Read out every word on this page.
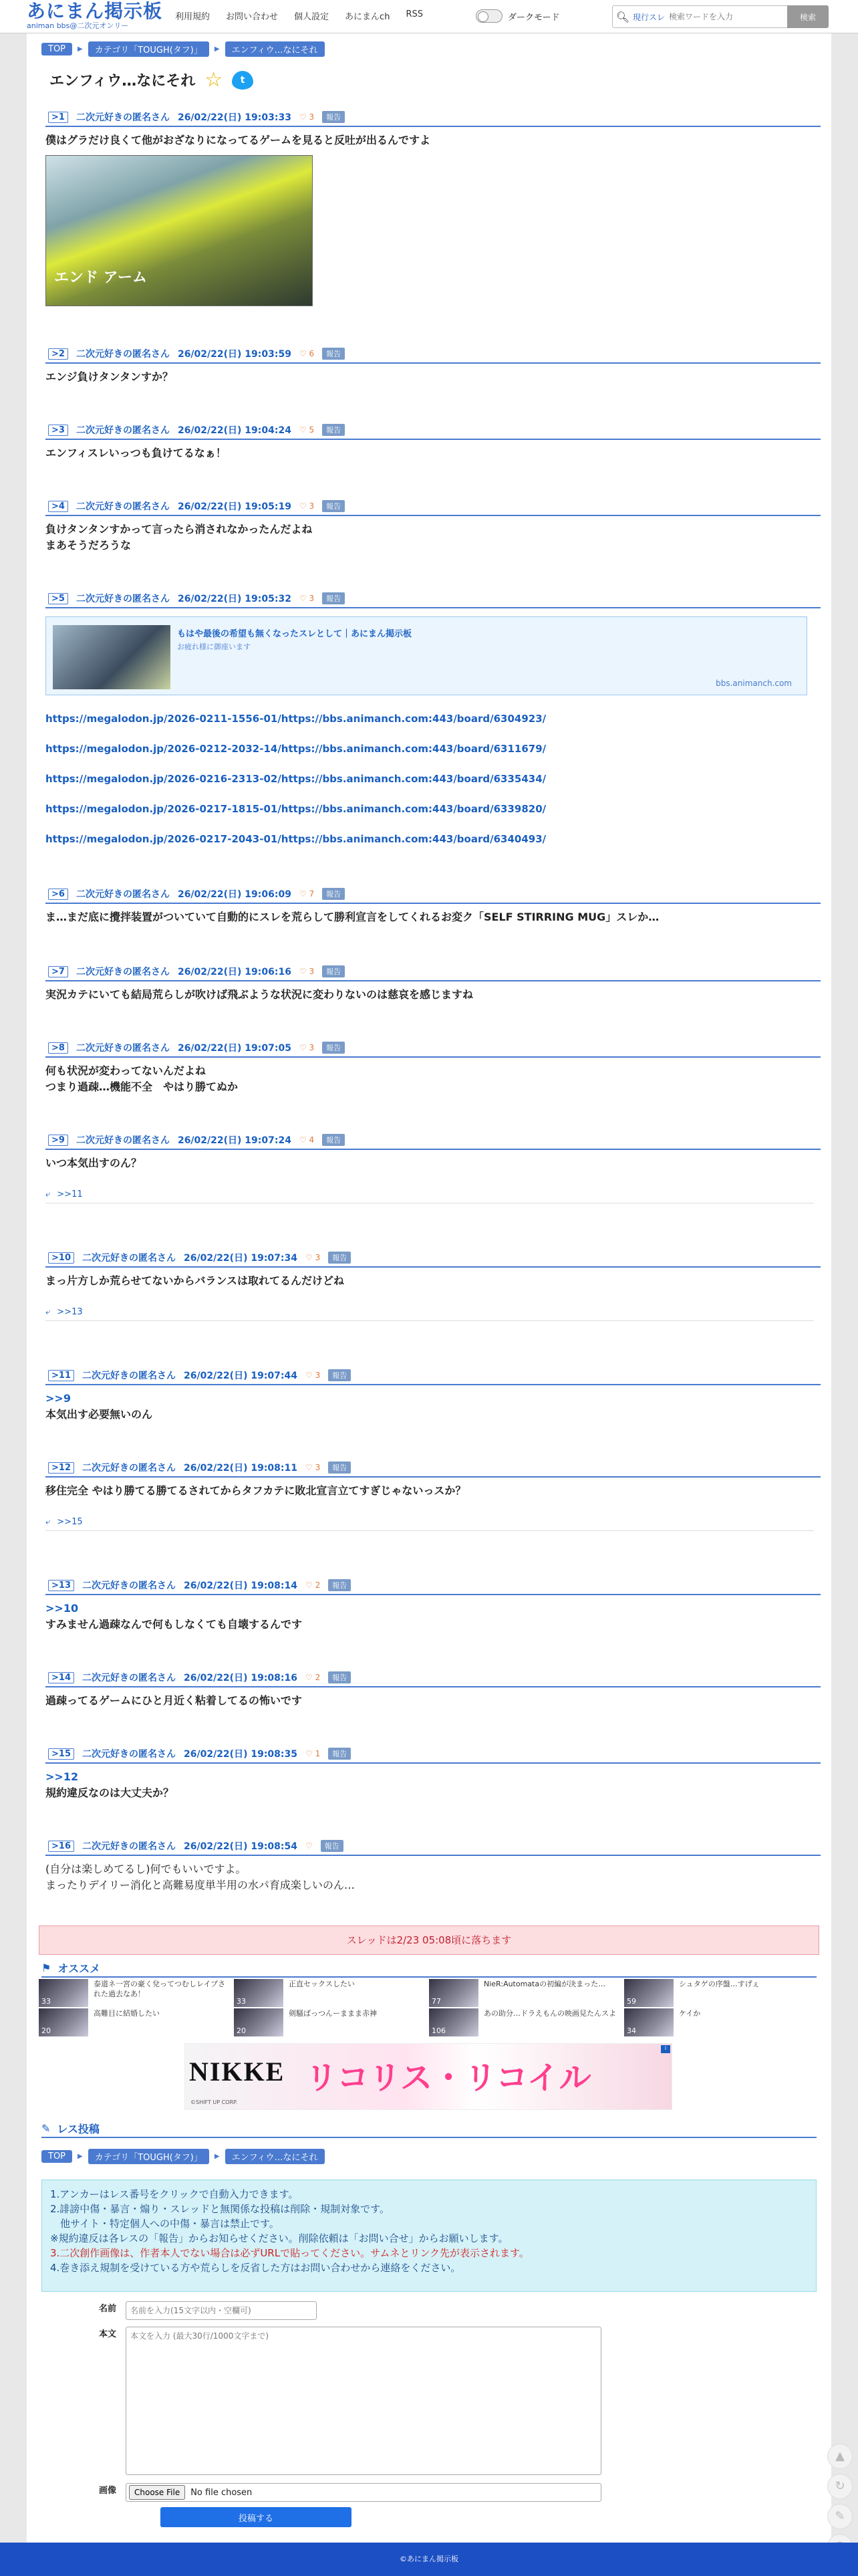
あにまん掲示板
animan bbs@二次元オンリー
利用規約 お問い合わせ 個人設定 あにまんch RSS	ダークモード	🔍︎ 現行スレ
検索ワードを入力	検索
TOP	▶	カテゴリ「TOUGH(タフ)」	▶	エンフィウ…なにそれ
エンフィウ…なにそれ ☆	t
>1	二次元好きの匿名さん 26/02/22(日) 19:03:33 ♡ 3	報告
僕はグラだけ良くて他がおざなりになってるゲームを見ると反吐が出るんですよ
エンド アーム
>2	二次元好きの匿名さん 26/02/22(日) 19:03:59 ♡ 6	報告
エンジ負けタンタンすか？
>3	二次元好きの匿名さん 26/02/22(日) 19:04:24 ♡ 5	報告
エンフィスレいっつも負けてるなぁ！
>4	二次元好きの匿名さん 26/02/22(日) 19:05:19 ♡ 3	報告
負けタンタンすかって言ったら消されなかったんだよね
まあそうだろうな
>5	二次元好きの匿名さん 26/02/22(日) 19:05:32 ♡ 3	報告
もはや最後の希望も無くなったスレとして｜あにまん掲示板
お疲れ様に御座います
bbs.animanch.com
https://megalodon.jp/2026-0211-1556-01/https://bbs.animanch.com:443/board/6304923/
https://megalodon.jp/2026-0212-2032-14/https://bbs.animanch.com:443/board/6311679/
https://megalodon.jp/2026-0216-2313-02/https://bbs.animanch.com:443/board/6335434/
https://megalodon.jp/2026-0217-1815-01/https://bbs.animanch.com:443/board/6339820/
https://megalodon.jp/2026-0217-2043-01/https://bbs.animanch.com:443/board/6340493/
>6	二次元好きの匿名さん 26/02/22(日) 19:06:09 ♡ 7	報告
ま…まだ底に攪拌装置がついていて自動的にスレを荒らして勝利宣言をしてくれるお変ク「SELF STIRRING MUG」スレか…
>7	二次元好きの匿名さん 26/02/22(日) 19:06:16 ♡ 3	報告
実況カテにいても結局荒らしが吹けば飛ぶような状況に変わりないのは慈哀を感じますね
>8	二次元好きの匿名さん 26/02/22(日) 19:07:05 ♡ 3	報告
何も状況が変わってないんだよね
つまり過疎…機能不全　やはり勝てぬか
>9	二次元好きの匿名さん 26/02/22(日) 19:07:24 ♡ 4	報告
いつ本気出すのん？
⤶ >>11
>10	二次元好きの匿名さん 26/02/22(日) 19:07:34 ♡ 3	報告
まっ片方しか荒らせてないからバランスは取れてるんだけどね
⤶ >>13
>11	二次元好きの匿名さん 26/02/22(日) 19:07:44 ♡ 3	報告
>>9
本気出す必要無いのん
>12	二次元好きの匿名さん 26/02/22(日) 19:08:11 ♡ 3	報告
移住完全 やはり勝てる勝てるされてからタフカテに敗北宣言立てすぎじゃないっスか？
⤶ >>15
>13	二次元好きの匿名さん 26/02/22(日) 19:08:14 ♡ 2	報告
>>10
すみません過疎なんで何もしなくても自壊するんです
>14	二次元好きの匿名さん 26/02/22(日) 19:08:16 ♡ 2	報告
過疎ってるゲームにひと月近く粘着してるの怖いです
>15	二次元好きの匿名さん 26/02/22(日) 19:08:35 ♡ 1	報告
>>12
規約違反なのは大丈夫か？
>16	二次元好きの匿名さん 26/02/22(日) 19:08:54 ♡	報告
(自分は楽しめてるし)何でもいいですよ。
まったりデイリー消化と高難易度単半用の水パ育成楽しいのん…
スレッドは2/23 05:08頃に落ちます
⚑ オススメ
33
泰道ネ一宮の豪く兌ってつむしレイプされた過去なあ！
33
正直セックスしたい
77
NieR:Automataの初編が決まった…
59
シュタゲの序盤…すげぇ
20
高難目に結婚したい
20
剣騒ばっつんーままま赤神
106
あの助分…ドラえもんの映画見たんスよ
34
ケイか
NIKKE リコリス・リコイル
©SHIFT UP CORP.
i
✎ レス投稿
TOP	▶	カテゴリ「TOUGH(タフ)」	▶	エンフィウ…なにそれ
1.アンカーはレス番号をクリックで自動入力できます。
2.誹謗中傷・暴言・煽り・スレッドと無関係な投稿は削除・規制対象です。
　他サイト・特定個人への中傷・暴言は禁止です。
※規約違反は各レスの「報告」からお知らせください。削除依頼は「お問い合せ」からお願いします。
3.二次創作画像は、作者本人でない場合は必ずURLで貼ってください。サムネとリンク先が表示されます。
4.巻き添え規制を受けている方や荒らしを反省した方はお問い合わせから連絡をください。
名前
名前を入力(15文字以内・空欄可)
本文
本文を入力 (最大30行/1000文字まで)
画像	Choose File	No file chosen
投稿する
▲
↻
✎
©あにまん掲示板
